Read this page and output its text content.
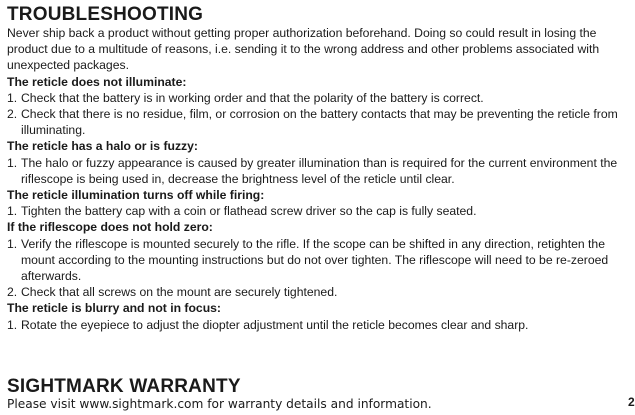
TROUBLESHOOTING

Never ship back a product without getting proper authorization beforehand. Doing so could result in losing the product due to a multitude of reasons, i.e. sending it to the wrong address and other problems associated with unexpected packages.

The reticle does not illuminate:

1. Check that the battery is in working order and that the polarity of the battery is correct.
2. Check that there is no residue, film, or corrosion on the battery contacts that may be preventing the reticle from illuminating.

The reticle has a halo or is fuzzy:

1. The halo or fuzzy appearance is caused by greater illumination than is required for the current environment the riflescope is being used in, decrease the brightness level of the reticle until clear.

The reticle illumination turns off while firing:

1. Tighten the battery cap with a coin or flathead screw driver so the cap is fully seated.

If the riflescope does not hold zero:

1. Verify the riflescope is mounted securely to the rifle. If the scope can be shifted in any direction, retighten the mount according to the mounting instructions but do not over tighten. The riflescope will need to be re-zeroed afterwards.
2. Check that all screws on the mount are securely tightened.

The reticle is blurry and not in focus:

1. Rotate the eyepiece to adjust the diopter adjustment until the reticle becomes clear and sharp.
SIGHTMARK WARRANTY

Please visit www.sightmark.com for warranty details and information.	2
